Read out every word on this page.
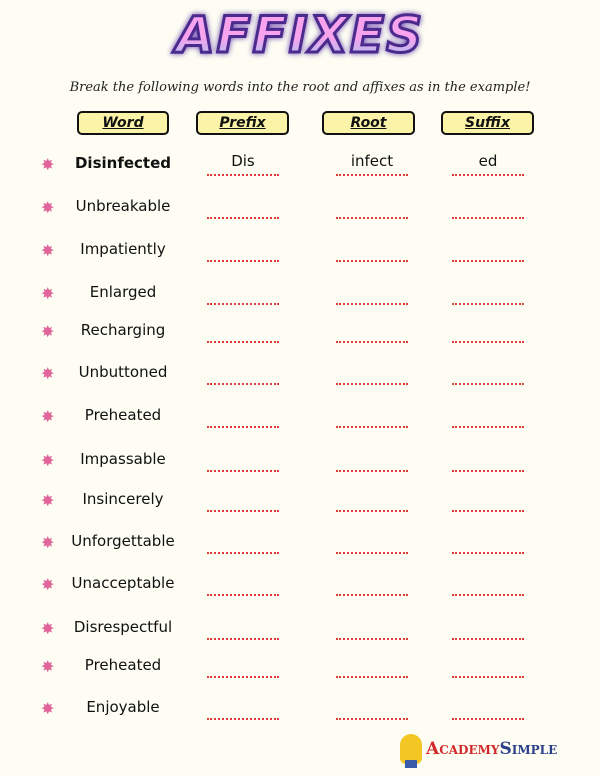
AFFIXES
Break the following words into the root and affixes as in the example!
Word	Prefix	Root	Suffix
✸	Disinfected	Dis	infect	ed
✸	Unbreakable
✸	Impatiently
✸	Enlarged
✸	Recharging
✸	Unbuttoned
✸	Preheated
✸	Impassable
✸	Insincerely
✸	Unforgettable
✸	Unacceptable
✸	Disrespectful
✸	Preheated
✸	Enjoyable
Academy Simple
